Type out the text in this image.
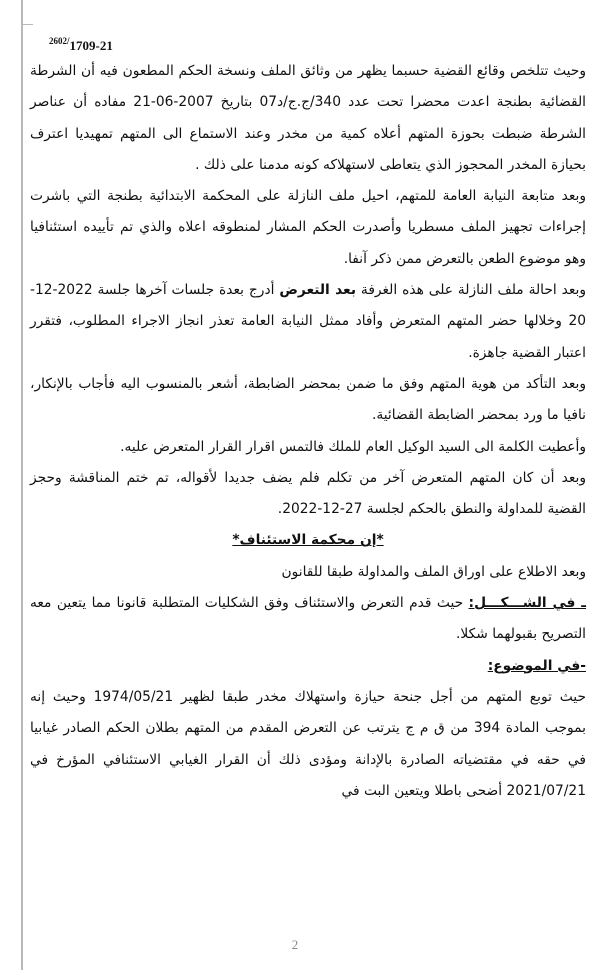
$^{2602/}$1709-21

وحيث تتلخص وقائع القضية حسبما يظهر من وثائق الملف ونسخة الحكم المطعون فيه أن الشرطة القضائية بطنجة اعدت محضرا تحت عدد 340/ج.ج/د07 بتاريخ 2007-06-21 مفاده أن عناصر الشرطة ضبطت بحوزة المتهم أعلاه كمية من مخدر وعند الاستماع الى المتهم تمهيديا اعترف بحيازة المخدر المحجوز الذي يتعاطى لاستهلاكه كونه مدمنا على ذلك .

وبعد متابعة النيابة العامة للمتهم، احيل ملف النازلة على المحكمة الابتدائية بطنجة التي باشرت إجراءات تجهيز الملف مسطريا وأصدرت الحكم المشار لمنطوقه اعلاه والذي تم تأييده استئنافيا وهو موضوع الطعن بالتعرض ممن ذكر آنفا.

وبعد احالة ملف النازلة على هذه الغرفة بعد التعرض أدرج بعدة جلسات آخرها جلسة 2022-12-20 وخلالها حضر المتهم المتعرض وأفاد ممثل النيابة العامة تعذر انجاز الاجراء المطلوب، فتقرر اعتبار القضية جاهزة.

وبعد التأكد من هوية المتهم وفق ما ضمن بمحضر الضابطة، أشعر بالمنسوب اليه فأجاب بالإنكار، نافيا ما ورد بمحضر الضابطة القضائية.

وأعطيت الكلمة الى السيد الوكيل العام للملك فالتمس اقرار القرار المتعرض عليه.

وبعد أن كان المتهم المتعرض آخر من تكلم فلم يضف جديدا لأقواله، تم ختم المناقشة وحجز القضية للمداولة والنطق بالحكم لجلسة 27-12-2022.

*إن محكمة الاستئناف*

وبعد الاطلاع على اوراق الملف والمداولة طبقا للقانون

ـ في الشـــكـــل: حيث قدم التعرض والاستئناف وفق الشكليات المتطلبة قانونا مما يتعين معه التصريح بقبولهما شكلا.

-في الموضوع:

حيث توبع المتهم من أجل جنحة حيازة واستهلاك مخدر طبقا لظهير 1974/05/21 وحيث إنه بموجب المادة 394 من ق م ج يترتب عن التعرض المقدم من المتهم بطلان الحكم الصادر غيابيا في حقه في مقتضياته الصادرة بالإدانة ومؤدى ذلك أن القرار الغيابي الاستئنافي المؤرخ في 2021/07/21 أضحى باطلا ويتعين البت في

2
